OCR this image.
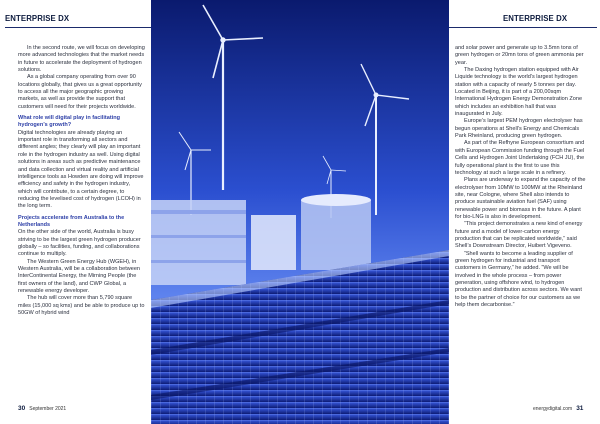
ENTERPRISE DX	ENTERPRISE DX

In the second route, we will focus on developing more advanced technologies that the market needs in future to accelerate the deployment of hydrogen solutions.

As a global company operating from over 90 locations globally, that gives us a great opportunity to access all the major geographic growing markets, as well as provide the support that customers will need for their projects worldwide.

What role will digital play in facilitating hydrogen’s growth?

Digital technologies are already playing an important role in transforming all sectors and different angles; they clearly will play an important role in the hydrogen industry as well. Using digital solutions in areas such as predictive maintenance and data collection and virtual reality and artificial intelligence tools as Howden are doing will improve efficiency and safety in the hydrogen industry, which will contribute, to a certain degree, to reducing the levelised cost of hydrogen (LCOH) in the long term.

Projects accelerate from Australia to the Netherlands

On the other side of the world, Australia is busy striving to be the largest green hydrogen producer globally – so facilities, funding, and collaborations continue to multiply.

The Western Green Energy Hub (WGEH), in Western Australia, will be a collaboration between InterContinental Energy, the Mirning People (the first owners of the land), and CWP Global, a renewable energy developer.

The hub will cover more than 5,790 square miles (15,000 sq kms) and be able to produce up to 50GW of hybrid wind

and solar power and generate up to 3.5mn tons of green hydrogen or 20mn tons of green ammonia per year.

The Daxing hydrogen station equipped with Air Liquide technology is the world’s largest hydrogen station with a capacity of nearly 5 tonnes per day. Located in Beijing, it is part of a 200,00sqm International Hydrogen Energy Demonstration Zone which includes an exhibition hall that was inaugurated in July.

Europe’s largest PEM hydrogen electrolyser has begun operations at Shell’s Energy and Chemicals Park Rheinland, producing green hydrogen.

As part of the Refhyne European consortium and with European Commission funding through the Fuel Cells and Hydrogen Joint Undertaking (FCH JU), the fully operational plant is the first to use this technology at such a large scale in a refinery.

Plans are underway to expand the capacity of the electrolyser from 10MW to 100MW at the Rheinland site, near Cologne, where Shell also intends to produce sustainable aviation fuel (SAF) using renewable power and biomass in the future. A plant for bio-LNG is also in development.

“This project demonstrates a new kind of energy future and a model of lower-carbon energy production that can be replicated worldwide,” said Shell’s Downstream Director, Huibert Vigeveno.

“Shell wants to become a leading supplier of green hydrogen for industrial and transport customers in Germany,” he added. “We will be involved in the whole process – from power generation, using offshore wind, to hydrogen production and distribution across sectors. We want to be the partner of choice for our customers as we help them decarbonise.”

30 September 2021	energydigital.com 31
